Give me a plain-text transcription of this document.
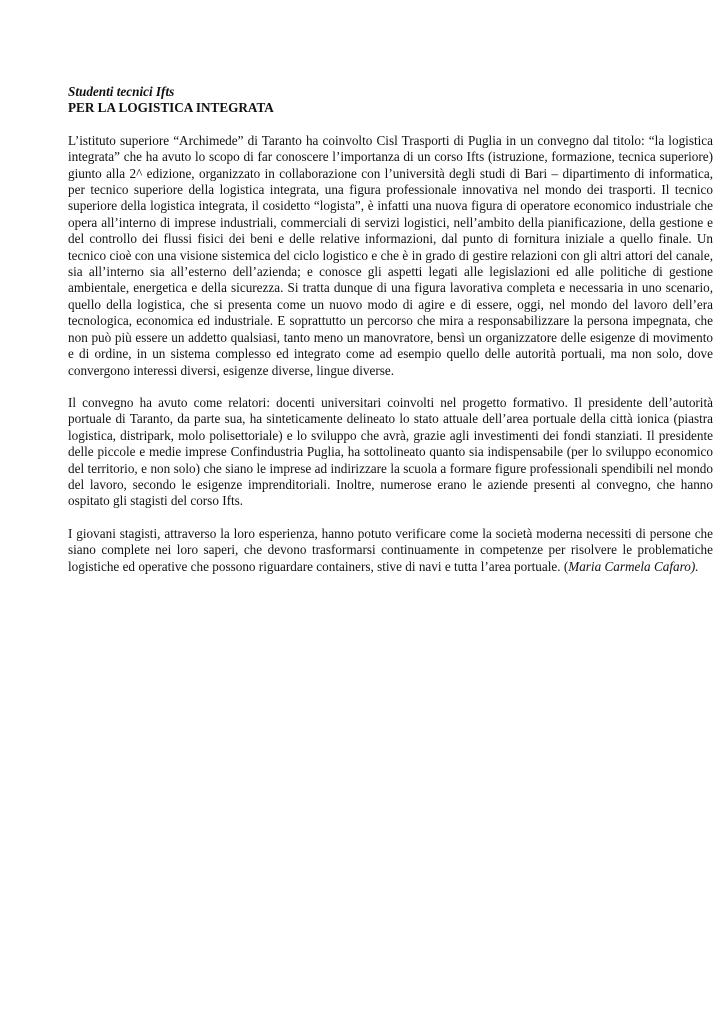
Studenti tecnici Ifts

PER LA LOGISTICA INTEGRATA

L’istituto superiore “Archimede” di Taranto ha coinvolto Cisl Trasporti di Puglia in un convegno dal titolo: “la logistica integrata” che ha avuto lo scopo di far conoscere l’importanza di un corso Ifts (istruzione, formazione, tecnica superiore) giunto alla 2^ edizione, organizzato in collaborazione con l’università degli studi di Bari – dipartimento di informatica, per tecnico superiore della logistica integrata, una figura professionale innovativa nel mondo dei trasporti. Il tecnico superiore della logistica integrata, il cosidetto “logista”, è infatti una nuova figura di operatore economico industriale che opera all’interno di imprese industriali, commerciali di servizi logistici, nell’ambito della pianificazione, della gestione e del controllo dei flussi fisici dei beni e delle relative informazioni, dal punto di fornitura iniziale a quello finale. Un tecnico cioè con una visione sistemica del ciclo logistico e che è in grado di gestire relazioni con gli altri attori del canale, sia all’interno sia all’esterno dell’azienda; e conosce gli aspetti legati alle legislazioni ed alle politiche di gestione ambientale, energetica e della sicurezza. Si tratta dunque di una figura lavorativa completa e necessaria in uno scenario, quello della logistica, che si presenta come un nuovo modo di agire e di essere, oggi, nel mondo del lavoro dell’era tecnologica, economica ed industriale. E soprattutto un percorso che mira a responsabilizzare la persona impegnata, che non può più essere un addetto qualsiasi, tanto meno un manovratore, bensì un organizzatore delle esigenze di movimento e di ordine, in un sistema complesso ed integrato come ad esempio quello delle autorità portuali, ma non solo, dove convergono interessi diversi, esigenze diverse, lingue diverse.

Il convegno ha avuto come relatori: docenti universitari coinvolti nel progetto formativo. Il presidente dell’autorità portuale di Taranto, da parte sua, ha sinteticamente delineato lo stato attuale dell’area portuale della città ionica (piastra logistica, distripark, molo polisettoriale) e lo sviluppo che avrà, grazie agli investimenti dei fondi stanziati. Il presidente delle piccole e medie imprese Confindustria Puglia, ha sottolineato quanto sia indispensabile (per lo sviluppo economico del territorio, e non solo) che siano le imprese ad indirizzare la scuola a formare figure professionali spendibili nel mondo del lavoro, secondo le esigenze imprenditoriali. Inoltre, numerose erano le aziende presenti al convegno, che hanno ospitato gli stagisti del corso Ifts.

I giovani stagisti, attraverso la loro esperienza, hanno potuto verificare come la società moderna necessiti di persone che siano complete nei loro saperi, che devono trasformarsi continuamente in competenze per risolvere le problematiche logistiche ed operative che possono riguardare containers, stive di navi e tutta l’area portuale. (Maria Carmela Cafaro).
